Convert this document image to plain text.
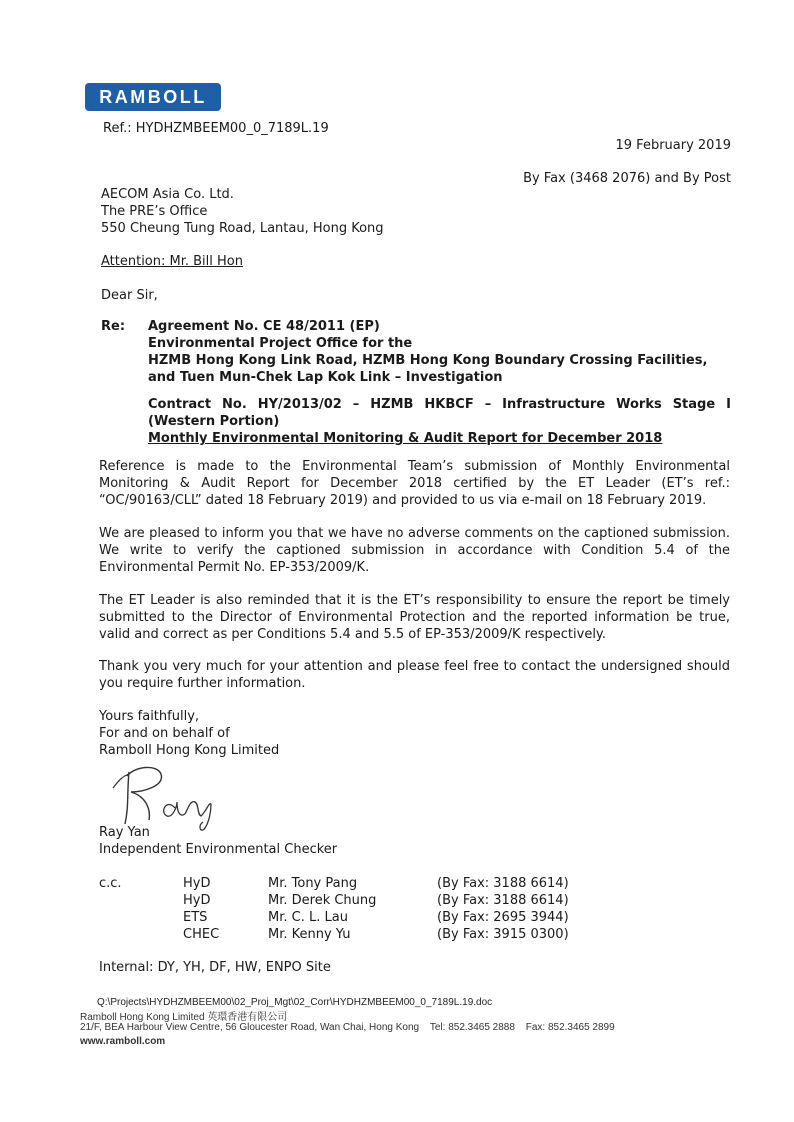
RAMBOLL
Ref.: HYDHZMBEEM00_0_7189L.19
19 February 2019
By Fax (3468 2076) and By Post
AECOM Asia Co. Ltd.
The PRE’s Office
550 Cheung Tung Road, Lantau, Hong Kong
Attention: Mr. Bill Hon
Dear Sir,
Re: Agreement No. CE 48/2011 (EP)
Environmental Project Office for the
HZMB Hong Kong Link Road, HZMB Hong Kong Boundary Crossing Facilities,
and Tuen Mun-Chek Lap Kok Link – Investigation
Contract No. HY/2013/02 – HZMB HKBCF – Infrastructure Works Stage I
(Western Portion)
Monthly Environmental Monitoring & Audit Report for December 2018
Reference is made to the Environmental Team’s submission of Monthly Environmental Monitoring & Audit Report for December 2018 certified by the ET Leader (ET’s ref.: “OC/90163/CLL” dated 18 February 2019) and provided to us via e-mail on 18 February 2019.
We are pleased to inform you that we have no adverse comments on the captioned submission. We write to verify the captioned submission in accordance with Condition 5.4 of the Environmental Permit No. EP-353/2009/K.
The ET Leader is also reminded that it is the ET’s responsibility to ensure the report be timely submitted to the Director of Environmental Protection and the reported information be true, valid and correct as per Conditions 5.4 and 5.5 of EP-353/2009/K respectively.
Thank you very much for your attention and please feel free to contact the undersigned should you require further information.
Yours faithfully,
For and on behalf of
Ramboll Hong Kong Limited
Ray Yan
Independent Environmental Checker
c.c.	HyD
HyD
ETS
CHEC
Mr. Tony Pang
Mr. Derek Chung
Mr. C. L. Lau
Mr. Kenny Yu
(By Fax: 3188 6614)
(By Fax: 3188 6614)
(By Fax: 2695 3944)
(By Fax: 3915 0300)
Internal: DY, YH, DF, HW, ENPO Site
Q:\Projects\HYDHZMBEEM00\02_Proj_Mgt\02_Corr\HYDHZMBEEM00_0_7189L.19.doc
Ramboll Hong Kong Limited 英環香港有限公司
21/F, BEA Harbour View Centre, 56 Gloucester Road, Wan Chai, Hong Kong Tel: 852.3465 2888 Fax: 852.3465 2899
www.ramboll.com
